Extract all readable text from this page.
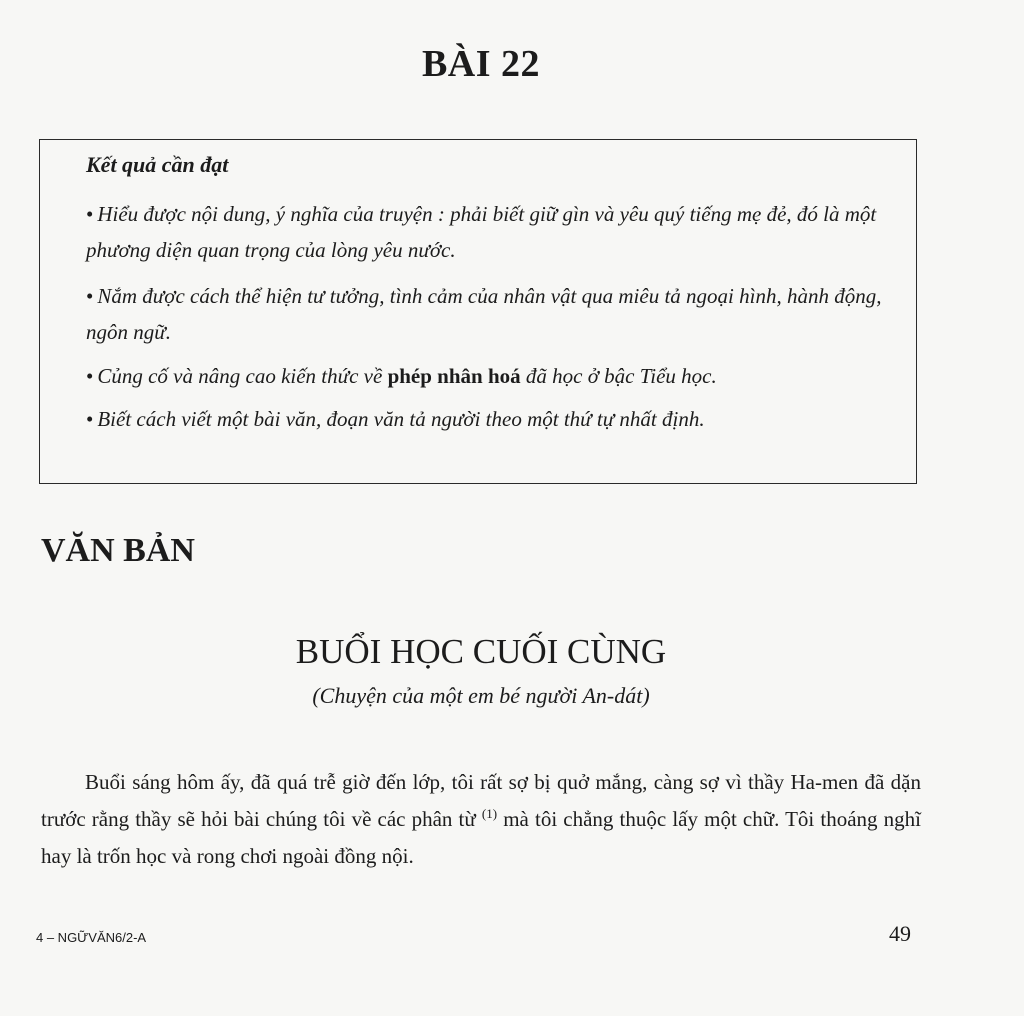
BÀI 22

Kết quả cần đạt

• Hiểu được nội dung, ý nghĩa của truyện : phải biết giữ gìn và yêu quý tiếng mẹ đẻ, đó là một phương diện quan trọng của lòng yêu nước.

• Nắm được cách thể hiện tư tưởng, tình cảm của nhân vật qua miêu tả ngoại hình, hành động, ngôn ngữ.

• Củng cố và nâng cao kiến thức về phép nhân hoá đã học ở bậc Tiểu học.

• Biết cách viết một bài văn, đoạn văn tả người theo một thứ tự nhất định.

VĂN BẢN
BUỔI HỌC CUỐI CÙNG

(Chuyện của một em bé người An-dát)

Buổi sáng hôm ấy, đã quá trễ giờ đến lớp, tôi rất sợ bị quở mắng, càng sợ vì thầy Ha-men đã dặn trước rằng thầy sẽ hỏi bài chúng tôi về các phân từ $^{(1)}$ mà tôi chẳng thuộc lấy một chữ. Tôi thoáng nghĩ hay là trốn học và rong chơi ngoài đồng nội.

4 – NGỮVĂN6/2-A	49
